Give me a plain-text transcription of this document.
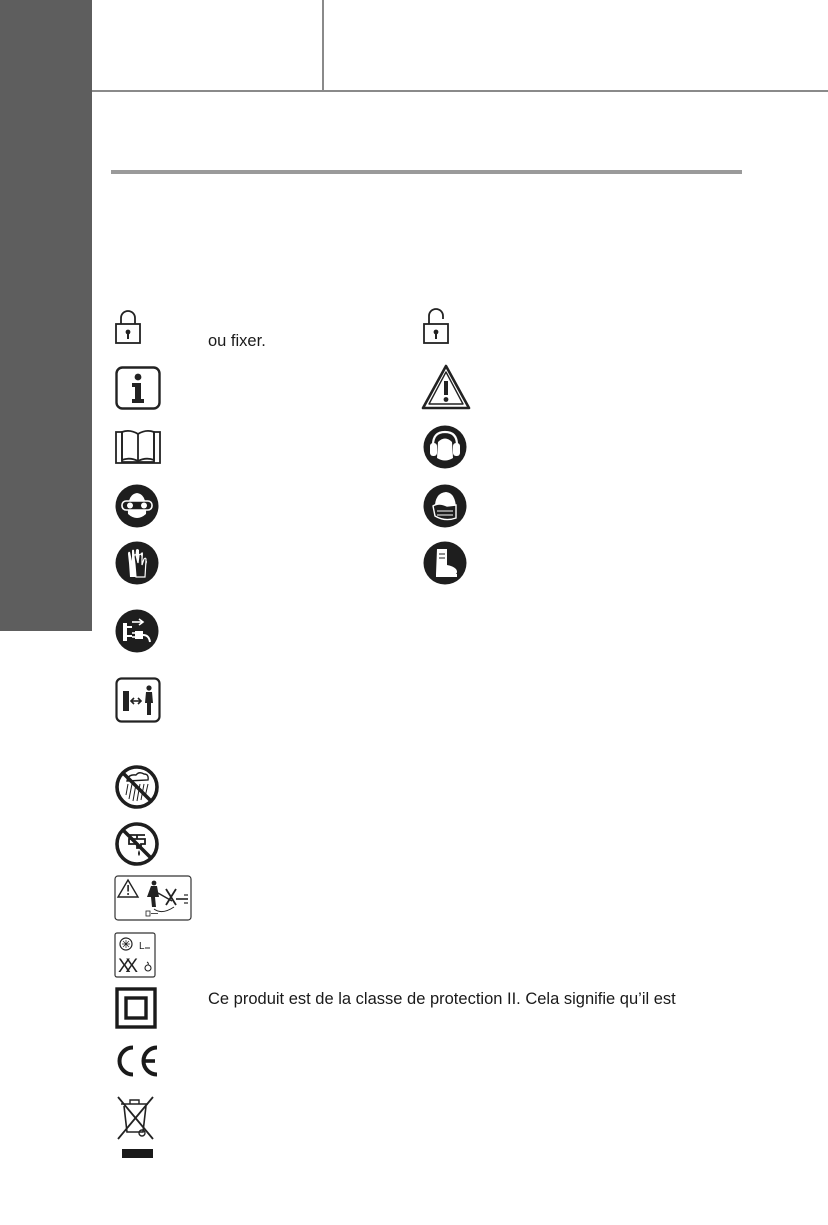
ou fixer.
L
XX
Ce produit est de la classe de protection II. Cela signifie qu’il est
